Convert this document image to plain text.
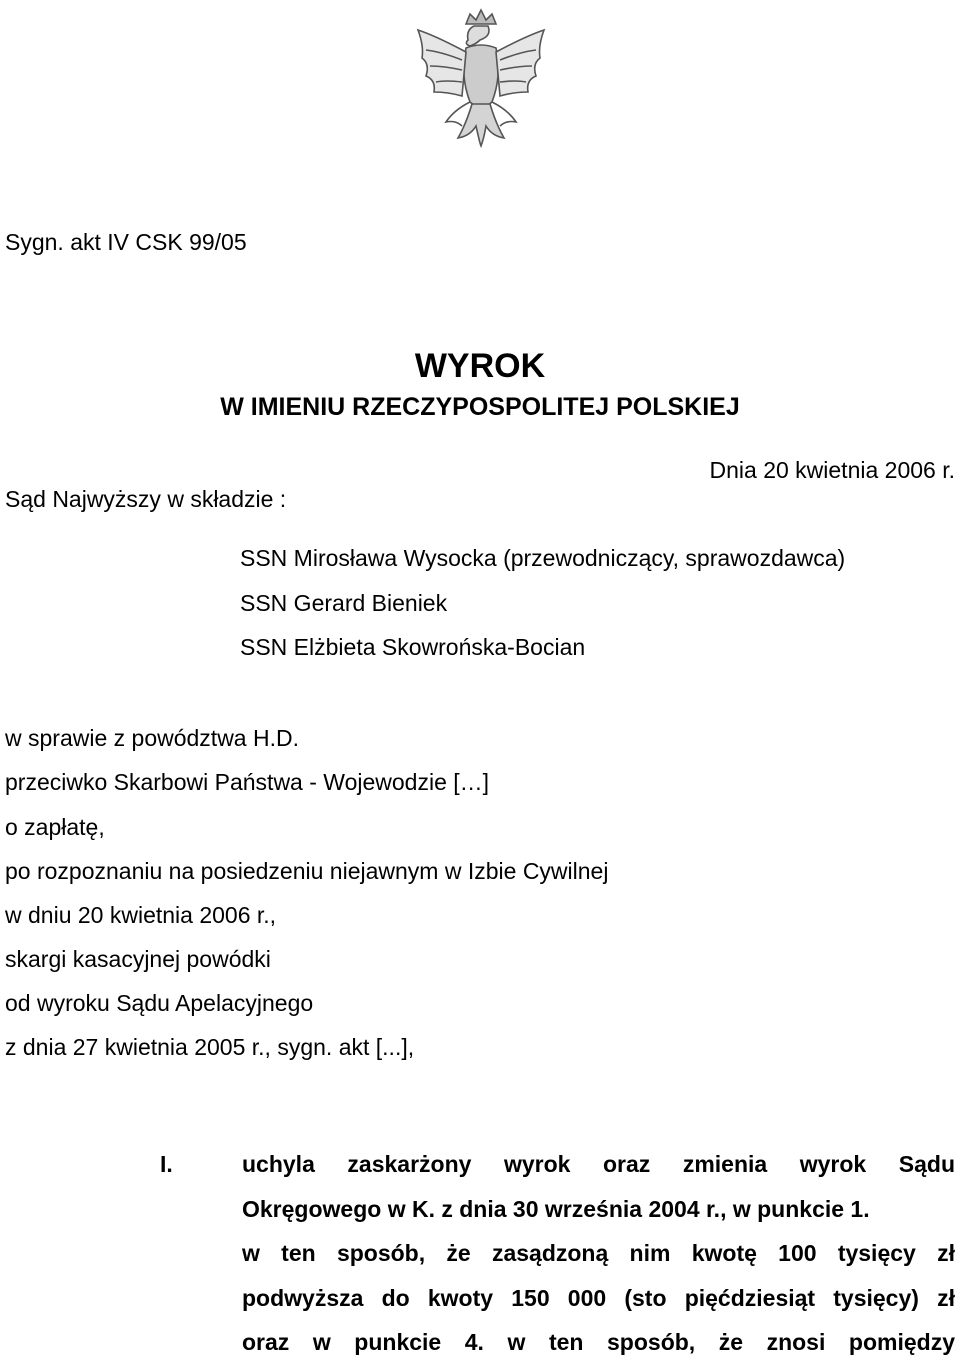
Sygn. akt IV CSK 99/05
WYROK
W IMIENIU RZECZYPOSPOLITEJ POLSKIEJ
Dnia 20 kwietnia 2006 r.
Sąd Najwyższy w składzie :
SSN Mirosława Wysocka (przewodniczący, sprawozdawca)
SSN Gerard Bieniek
SSN Elżbieta Skowrońska-Bocian
w sprawie z powództwa H.D.
przeciwko Skarbowi Państwa - Wojewodzie […]
o zapłatę,
po rozpoznaniu na posiedzeniu niejawnym w Izbie Cywilnej
w dniu 20 kwietnia 2006 r.,
skargi kasacyjnej powódki
od wyroku Sądu Apelacyjnego
z dnia 27 kwietnia 2005 r., sygn. akt [...],
I.	uchyla zaskarżony wyrok oraz zmienia wyrok Sądu
Okręgowego w K. z dnia 30 września 2004 r., w punkcie 1.
w ten sposób, że zasądzoną nim kwotę 100 tysięcy zł
podwyższa do kwoty 150 000 (sto pięćdziesiąt tysięcy) zł
oraz w punkcie 4. w ten sposób, że znosi pomiędzy
